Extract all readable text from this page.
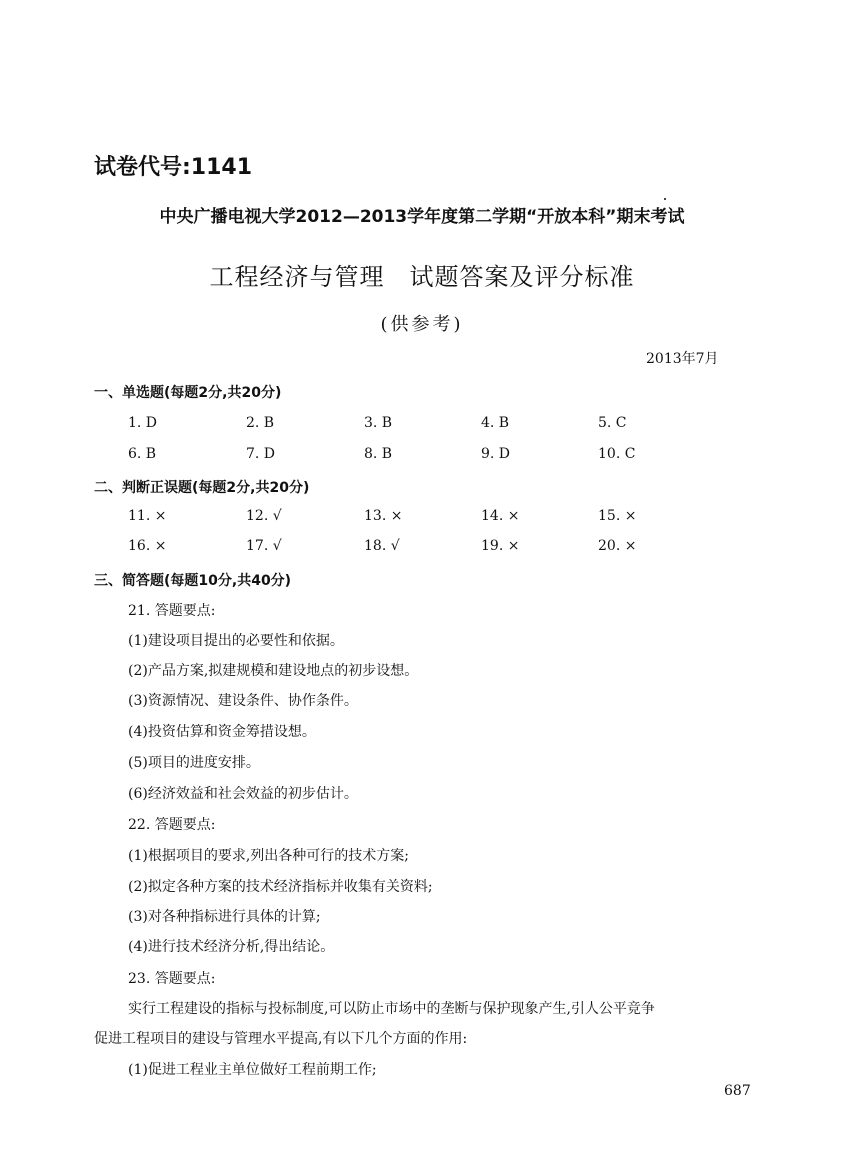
试卷代号:1141
中央广播电视大学2012—2013学年度第二学期“开放本科”期末考试
工程经济与管理　试题答案及评分标准
(供参考)
2013年7月
一、单选题(每题2分,共20分)
1. D	2. B	3. B	4. B	5. C
6. B	7. D	8. B	9. D	10. C
二、判断正误题(每题2分,共20分)
11. ×	12. √	13. ×	14. ×	15. ×
16. ×	17. √	18. √	19. ×	20. ×
三、简答题(每题10分,共40分)
21. 答题要点:
(1)建设项目提出的必要性和依据。
(2)产品方案,拟建规模和建设地点的初步设想。
(3)资源情况、建设条件、协作条件。
(4)投资估算和资金筹措设想。
(5)项目的进度安排。
(6)经济效益和社会效益的初步估计。
22. 答题要点:
(1)根据项目的要求,列出各种可行的技术方案;
(2)拟定各种方案的技术经济指标并收集有关资料;
(3)对各种指标进行具体的计算;
(4)进行技术经济分析,得出结论。
23. 答题要点:
实行工程建设的指标与投标制度,可以防止市场中的垄断与保护现象产生,引人公平竞争
促进工程项目的建设与管理水平提高,有以下几个方面的作用:
(1)促进工程业主单位做好工程前期工作;
687
